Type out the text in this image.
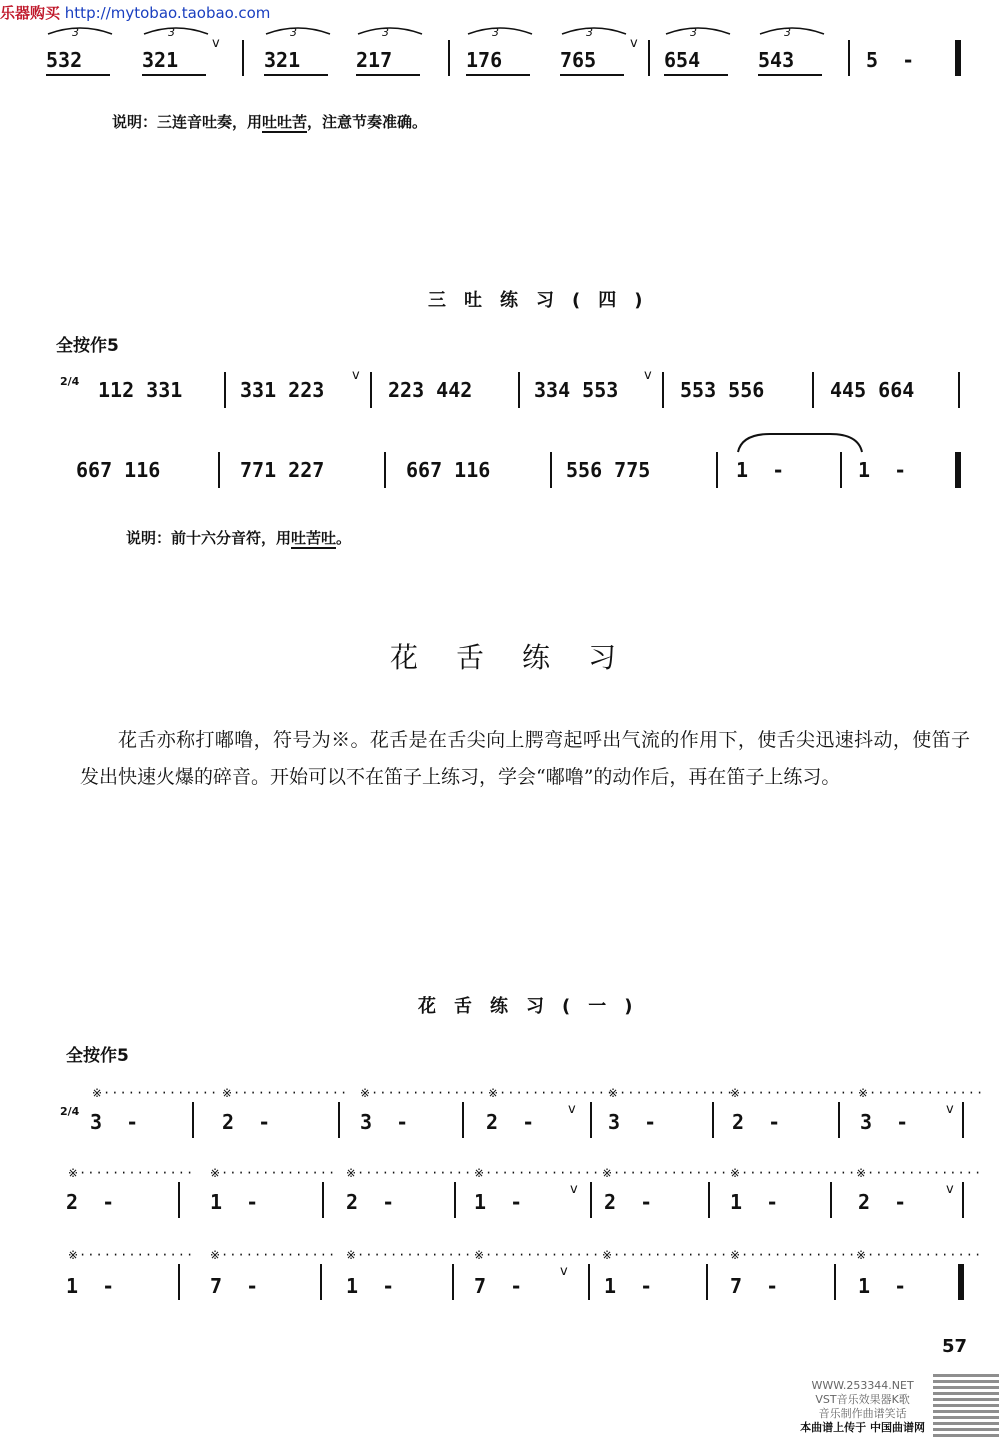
乐器购买 http://mytobao.taobao.com
532	321	321	217	176	765	654	543	5  -
3	3	3	3	3	3	3	3
v	v
说明：三连音吐奏，用吐吐苦，注意节奏准确。
三吐练习(四)
全按作5
2/4 112 331	331 223	223 442	334 553	553 556	445 664
v	v
667 116	771 227	667 116	556 775	1  -	1  -
说明：前十六分音符，用吐苦吐。
花舌练习
花舌亦称打嘟噜，符号为※。花舌是在舌尖向上腭弯起呼出气流的作用下，使舌尖迅速抖动，使笛子发出快速火爆的碎音。开始可以不在笛子上练习，学会“嘟噜”的动作后，再在笛子上练习。
花舌练习(一)
全按作5
2/4
※·············· ※·············· ※·············· ※··············
※··············
※·············· ※··············
3  -	2  -	3  -	2  -	3  -	2  -	3  -
v	v
※·············· ※·············· ※·············· ※·············· ※·············· ※·············· ※··············
2  -	1  -	2  -	1  -	2  -	1  -	2  -
v	v
※·············· ※·············· ※·············· ※·············· ※·············· ※·············· ※··············
1  -	7  -	1  -	7  -	1  -	7  -	1  -
v
57
WWW.253344.NET
VST音乐效果器K歌
音乐制作曲谱笑话
本曲谱上传于 中国曲谱网
